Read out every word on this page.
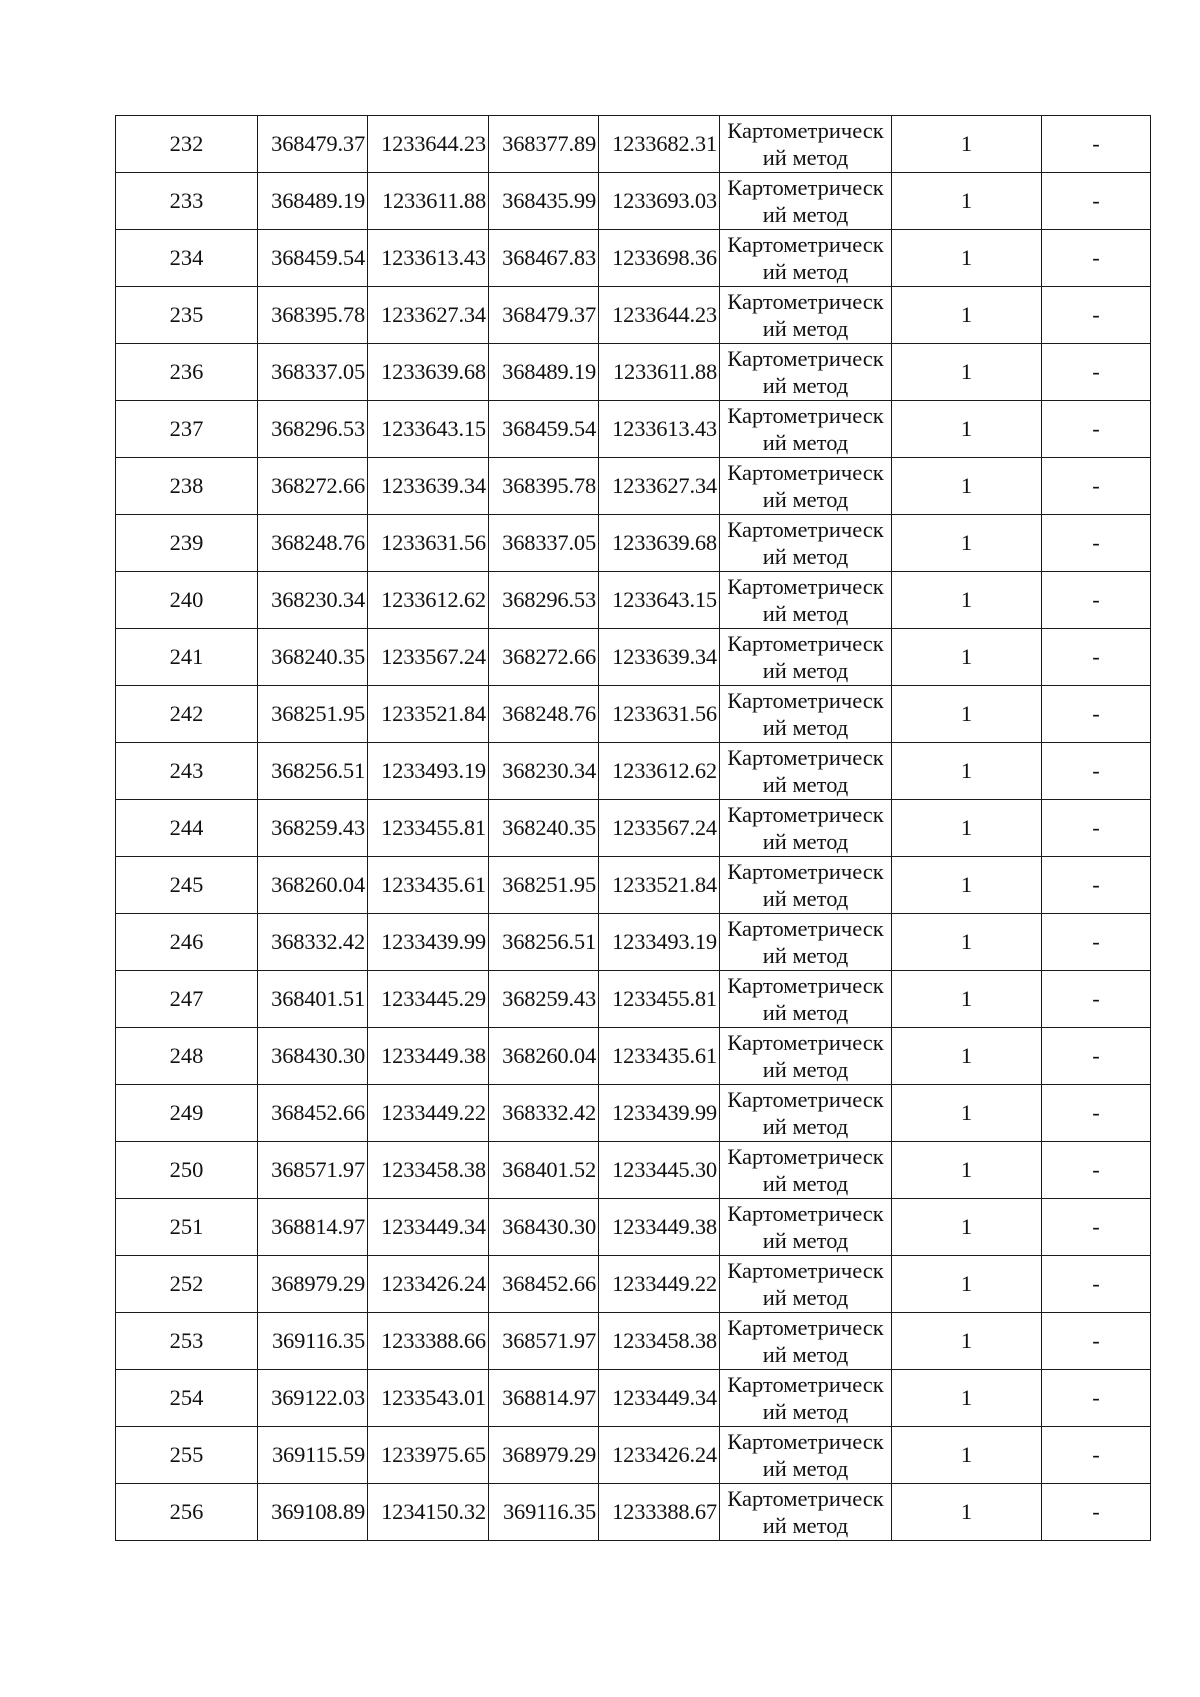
232	368479.37	1233644.23	368377.89	1233682.31	Картометрическ
ий метод	1	-
233	368489.19	1233611.88	368435.99	1233693.03	Картометрическ
ий метод	1	-
234	368459.54	1233613.43	368467.83	1233698.36	Картометрическ
ий метод	1	-
235	368395.78	1233627.34	368479.37	1233644.23	Картометрическ
ий метод	1	-
236	368337.05	1233639.68	368489.19	1233611.88	Картометрическ
ий метод	1	-
237	368296.53	1233643.15	368459.54	1233613.43	Картометрическ
ий метод	1	-
238	368272.66	1233639.34	368395.78	1233627.34	Картометрическ
ий метод	1	-
239	368248.76	1233631.56	368337.05	1233639.68	Картометрическ
ий метод	1	-
240	368230.34	1233612.62	368296.53	1233643.15	Картометрическ
ий метод	1	-
241	368240.35	1233567.24	368272.66	1233639.34	Картометрическ
ий метод	1	-
242	368251.95	1233521.84	368248.76	1233631.56	Картометрическ
ий метод	1	-
243	368256.51	1233493.19	368230.34	1233612.62	Картометрическ
ий метод	1	-
244	368259.43	1233455.81	368240.35	1233567.24	Картометрическ
ий метод	1	-
245	368260.04	1233435.61	368251.95	1233521.84	Картометрическ
ий метод	1	-
246	368332.42	1233439.99	368256.51	1233493.19	Картометрическ
ий метод	1	-
247	368401.51	1233445.29	368259.43	1233455.81	Картометрическ
ий метод	1	-
248	368430.30	1233449.38	368260.04	1233435.61	Картометрическ
ий метод	1	-
249	368452.66	1233449.22	368332.42	1233439.99	Картометрическ
ий метод	1	-
250	368571.97	1233458.38	368401.52	1233445.30	Картометрическ
ий метод	1	-
251	368814.97	1233449.34	368430.30	1233449.38	Картометрическ
ий метод	1	-
252	368979.29	1233426.24	368452.66	1233449.22	Картометрическ
ий метод	1	-
253	369116.35	1233388.66	368571.97	1233458.38	Картометрическ
ий метод	1	-
254	369122.03	1233543.01	368814.97	1233449.34	Картометрическ
ий метод	1	-
255	369115.59	1233975.65	368979.29	1233426.24	Картометрическ
ий метод	1	-
256	369108.89	1234150.32	369116.35	1233388.67	Картометрическ
ий метод	1	-
